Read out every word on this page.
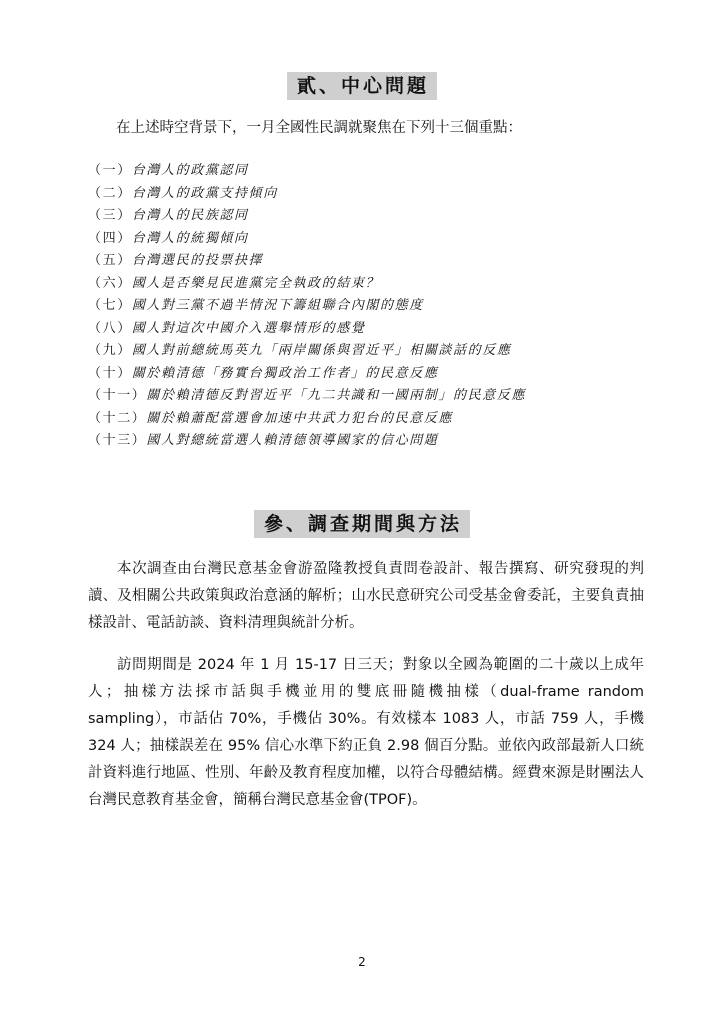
貳、中心問題
在上述時空背景下，一月全國性民調就聚焦在下列十三個重點：
（一）台灣人的政黨認同
（二）台灣人的政黨支持傾向
（三）台灣人的民族認同
（四）台灣人的統獨傾向
（五）台灣選民的投票抉擇
（六）國人是否樂見民進黨完全執政的結束？
（七）國人對三黨不過半情況下籌組聯合內閣的態度
（八）國人對這次中國介入選舉情形的感覺
（九）國人對前總統馬英九「兩岸關係與習近平」相關談話的反應
（十）關於賴清德「務實台獨政治工作者」的民意反應
（十一）關於賴清德反對習近平「九二共識和一國兩制」的民意反應
（十二）關於賴蕭配當選會加速中共武力犯台的民意反應
（十三）國人對總統當選人賴清德領導國家的信心問題
參、調查期間與方法

本次調查由台灣民意基金會游盈隆教授負責問卷設計、報告撰寫、研究發現的判讀、及相關公共政策與政治意涵的解析；山水民意研究公司受基金會委託，主要負責抽樣設計、電話訪談、資料清理與統計分析。

訪問期間是 2024 年 1 月 15-17 日三天；對象以全國為範圍的二十歲以上成年人；抽樣方法採市話與手機並用的雙底冊隨機抽樣（dual-frame random sampling），市話佔 70%，手機佔 30%。有效樣本 1083 人，市話 759 人，手機 324 人；抽樣誤差在 95% 信心水準下約正負 2.98 個百分點。並依內政部最新人口統計資料進行地區、性別、年齡及教育程度加權，以符合母體結構。經費來源是財團法人台灣民意教育基金會，簡稱台灣民意基金會(TPOF)。

2
